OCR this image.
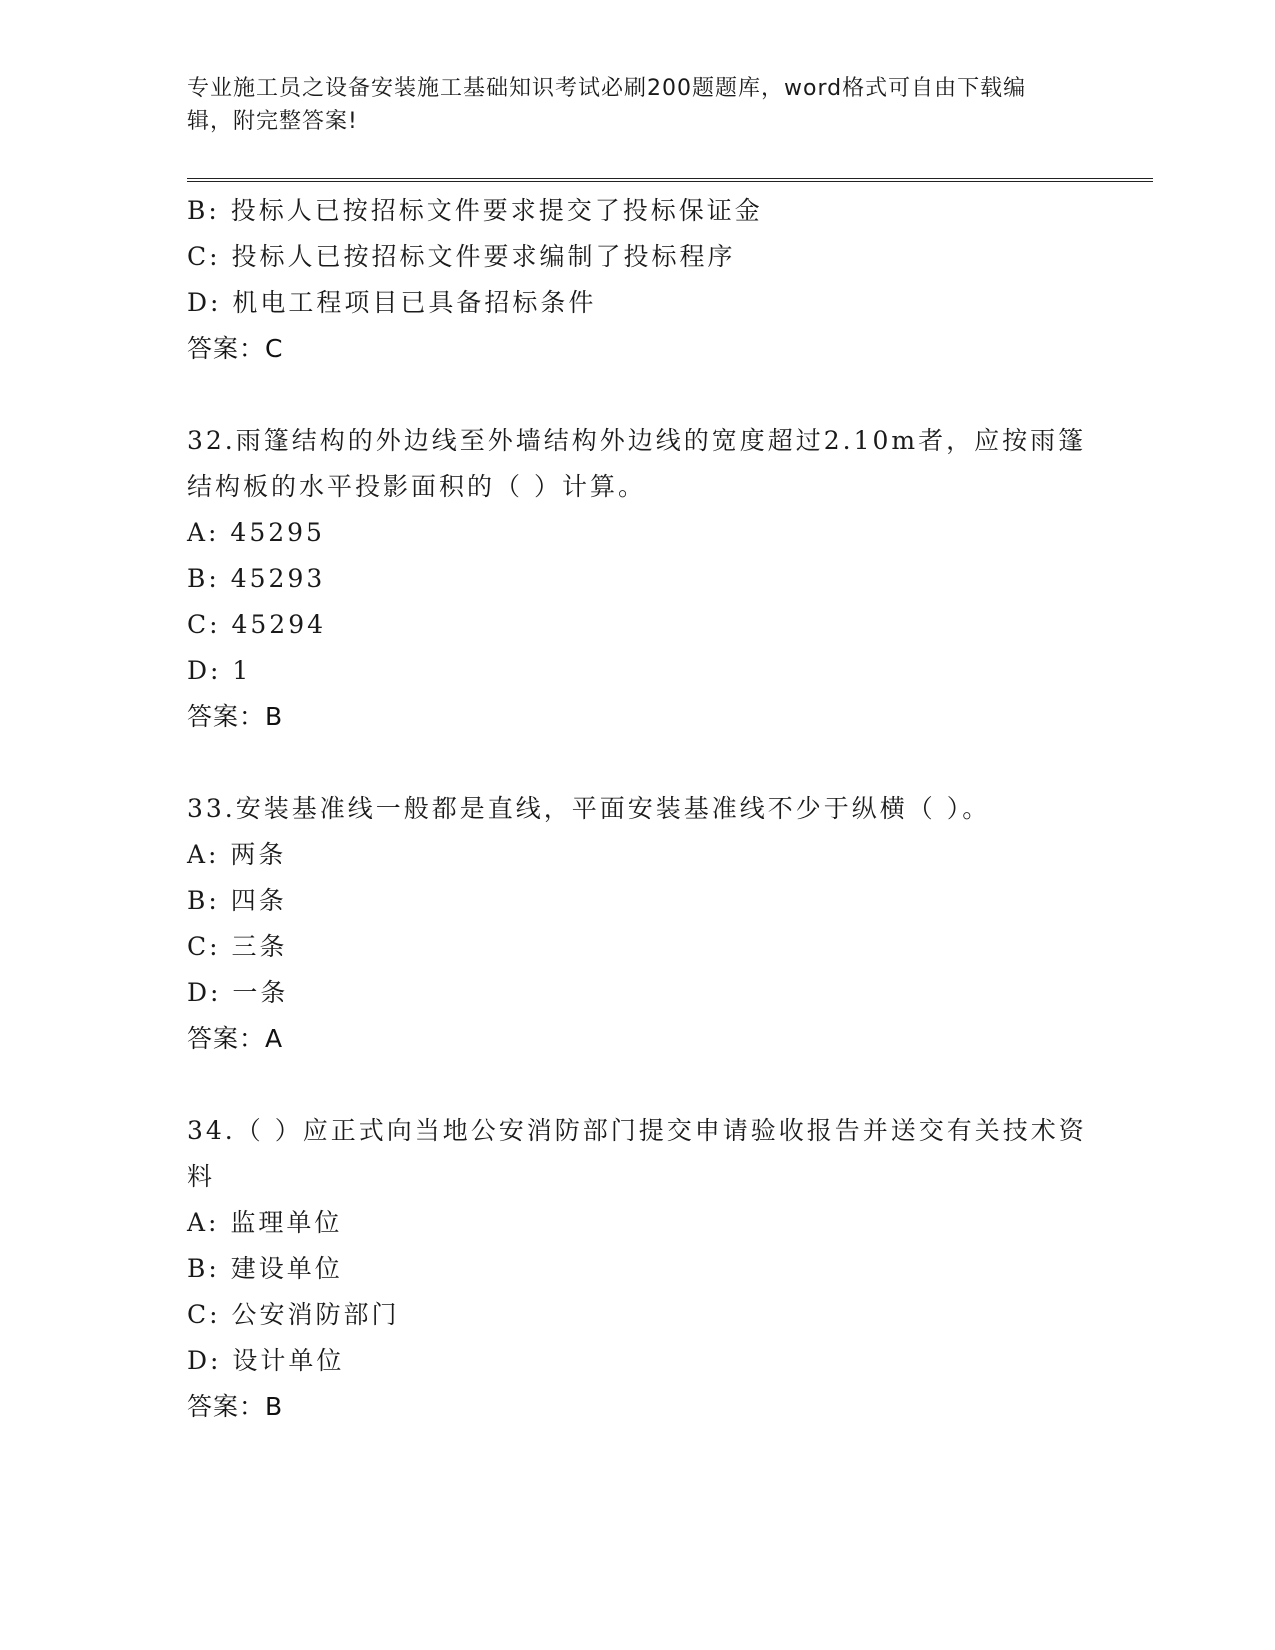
专业施工员之设备安装施工基础知识考试必刷200题题库，word格式可自由下载编辑，附完整答案!
B: 投标人已按招标文件要求提交了投标保证金
C: 投标人已按招标文件要求编制了投标程序
D: 机电工程项目已具备招标条件
答案：C
32.雨篷结构的外边线至外墙结构外边线的宽度超过2.10m者，应按雨篷结构板的水平投影面积的（ ）计算。
A: 45295
B: 45293
C: 45294
D: 1
答案：B
33.安装基准线一般都是直线，平面安装基准线不少于纵横（ ）。
A: 两条
B: 四条
C: 三条
D: 一条
答案：A
34.（ ）应正式向当地公安消防部门提交申请验收报告并送交有关技术资料
A: 监理单位
B: 建设单位
C: 公安消防部门
D: 设计单位
答案：B
